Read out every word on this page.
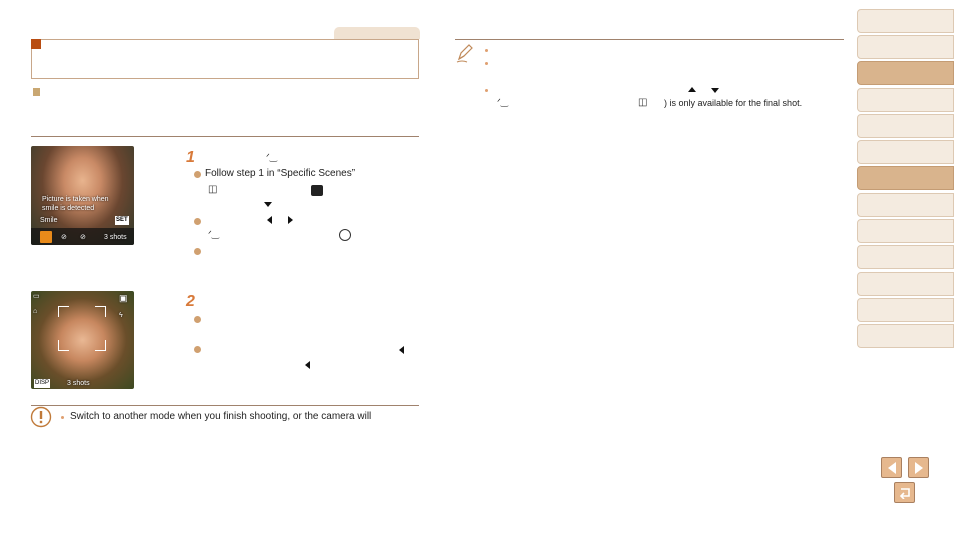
Picture is taken when
smile is detected
Smile	SET
⊘ ⊘	3 shots
▭	▣
ϟ
⌂
DISP	3 shots
1	ᐟ‿
Follow step 1 in “Specific Scenes”
◫
ᐟ‿
2
Switch to another mode when you finish shooting, or the camera will
ᐟ‿	◫ ) is only available for the final shot.
